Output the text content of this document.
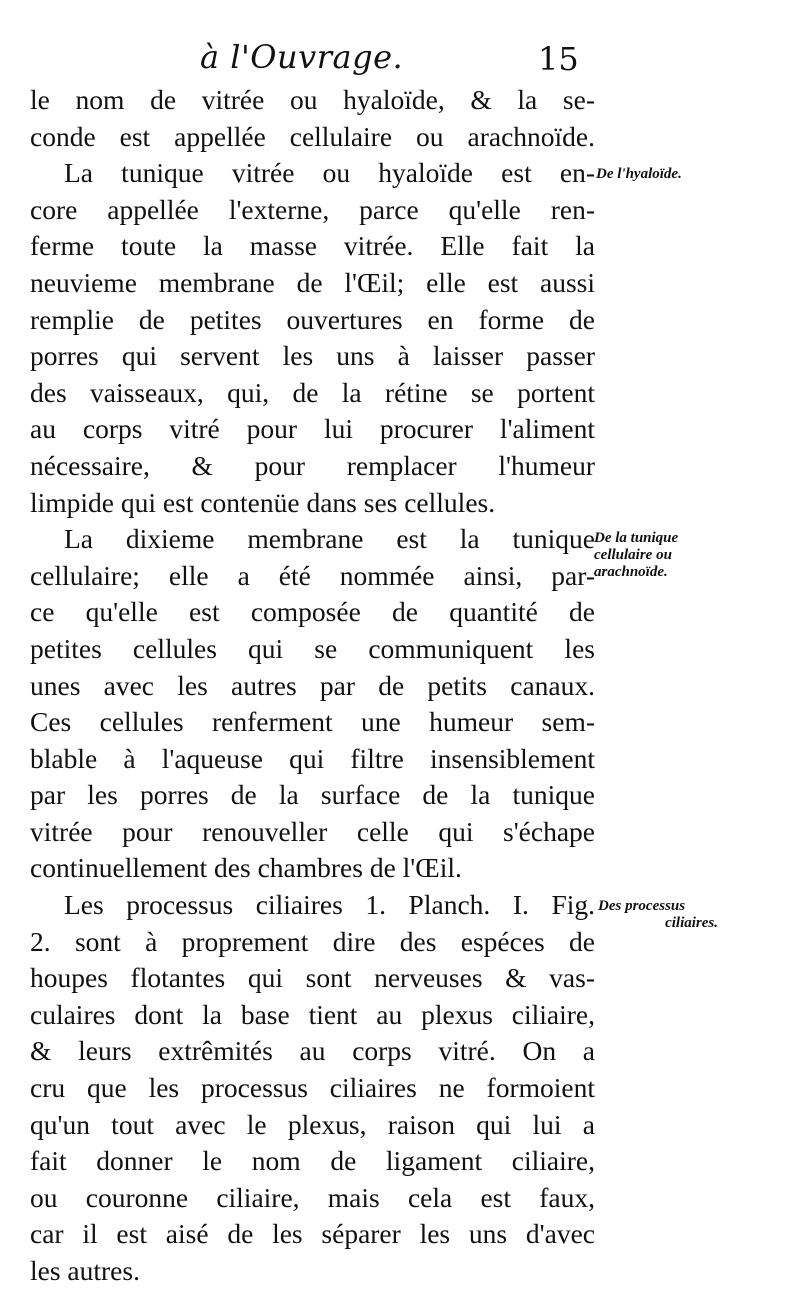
à l'Ouvrage.	15
le nom de vitrée ou hyaloïde, & la se-
conde est appellée cellulaire ou arachnoïde.
La tunique vitrée ou hyaloïde est en-
core appellée l'externe, parce qu'elle ren-
ferme toute la masse vitrée. Elle fait la
neuvieme membrane de l'Œil; elle est aussi
remplie de petites ouvertures en forme de
porres qui servent les uns à laisser passer
des vaisseaux, qui, de la rétine se portent
au corps vitré pour lui procurer l'aliment
nécessaire, & pour remplacer l'humeur
limpide qui est contenüe dans ses cellules.
La dixieme membrane est la tunique
cellulaire; elle a été nommée ainsi, par-
ce qu'elle est composée de quantité de
petites cellules qui se communiquent les
unes avec les autres par de petits canaux.
Ces cellules renferment une humeur sem-
blable à l'aqueuse qui filtre insensiblement
par les porres de la surface de la tunique
vitrée pour renouveller celle qui s'échape
continuellement des chambres de l'Œil.
Les processus ciliaires 1. Planch. I. Fig.
2. sont à proprement dire des espéces de
houpes flotantes qui sont nerveuses & vas-
culaires dont la base tient au plexus ciliaire,
& leurs extrêmités au corps vitré. On a
cru que les processus ciliaires ne formoient
qu'un tout avec le plexus, raison qui lui a
fait donner le nom de ligament ciliaire,
ou couronne ciliaire, mais cela est faux,
car il est aisé de les séparer les uns d'avec
les autres.
De l'hyaloïde.
De la tunique
cellulaire ou
arachnoïde.
Des processus
ciliaires.
